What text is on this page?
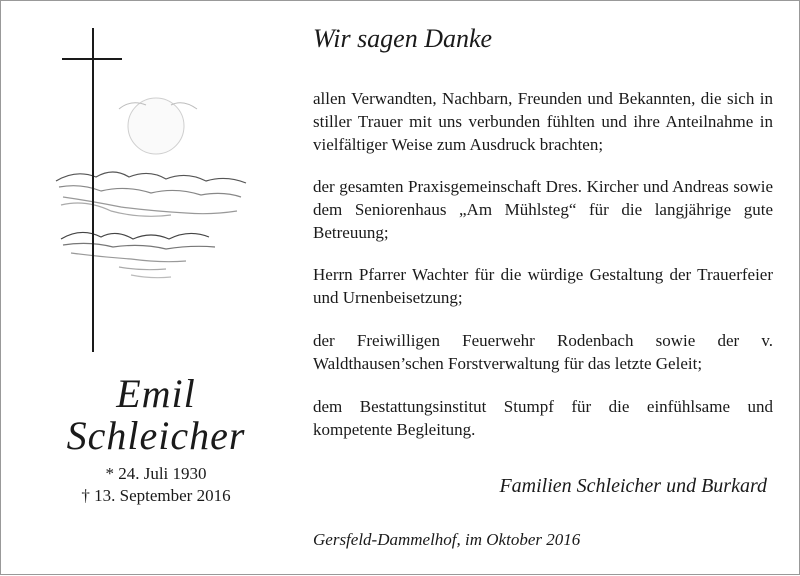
Emil
Schleicher
* 24. Juli 1930
† 13. September 2016
Wir sagen Danke
allen Verwandten, Nachbarn, Freunden und Bekannten, die sich in stiller Trauer mit uns verbunden fühlten und ihre Anteilnahme in vielfältiger Weise zum Ausdruck brachten;
der gesamten Praxisgemeinschaft Dres. Kircher und Andreas sowie dem Seniorenhaus „Am Mühlsteg“ für die langjährige gute Betreuung;
Herrn Pfarrer Wachter für die würdige Gestaltung der Trauerfeier und Urnenbeisetzung;
der Freiwilligen Feuerwehr Rodenbach sowie der v. Waldthausen’schen Forstverwaltung für das letzte Geleit;
dem Bestattungsinstitut Stumpf für die einfühlsame und kompetente Begleitung.
Familien Schleicher und Burkard
Gersfeld-Dammelhof, im Oktober 2016
